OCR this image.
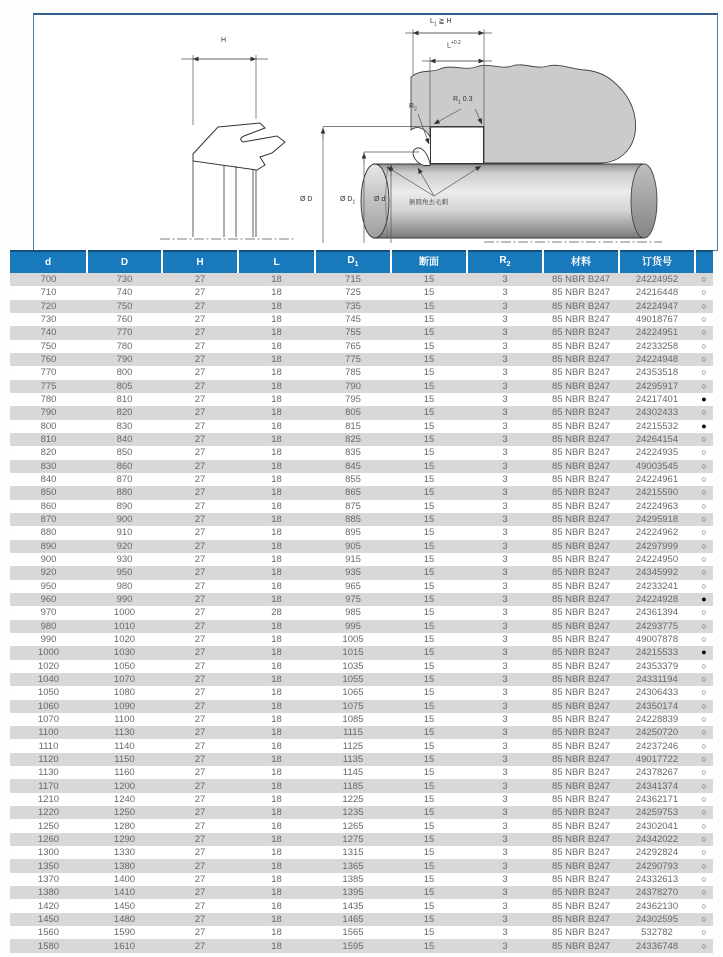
H
$L_1$ ≧ H
$L^{+0.2}$
$R_2$
$R_1$ 0.3
Ø D	Ø $D_1$	Ø d	倒圆角去毛刺
d	D	H	L	$D_1$	断面	$R_2$	材料	订货号	
700	730	27	18	715	15	3	85 NBR B247	24224952	○
710	740	27	18	725	15	3	85 NBR B247	24216448	○
720	750	27	18	735	15	3	85 NBR B247	24224947	○
730	760	27	18	745	15	3	85 NBR B247	49018767	○
740	770	27	18	755	15	3	85 NBR B247	24224951	○
750	780	27	18	765	15	3	85 NBR B247	24233258	○
760	790	27	18	775	15	3	85 NBR B247	24224948	○
770	800	27	18	785	15	3	85 NBR B247	24353518	○
775	805	27	18	790	15	3	85 NBR B247	24295917	○
780	810	27	18	795	15	3	85 NBR B247	24217401	●
790	820	27	18	805	15	3	85 NBR B247	24302433	○
800	830	27	18	815	15	3	85 NBR B247	24215532	●
810	840	27	18	825	15	3	85 NBR B247	24264154	○
820	850	27	18	835	15	3	85 NBR B247	24224935	○
830	860	27	18	845	15	3	85 NBR B247	49003545	○
840	870	27	18	855	15	3	85 NBR B247	24224961	○
850	880	27	18	865	15	3	85 NBR B247	24215590	○
860	890	27	18	875	15	3	85 NBR B247	24224963	○
870	900	27	18	885	15	3	85 NBR B247	24295918	○
880	910	27	18	895	15	3	85 NBR B247	24224962	○
890	920	27	18	905	15	3	85 NBR B247	24297999	○
900	930	27	18	915	15	3	85 NBR B247	24224950	○
920	950	27	18	935	15	3	85 NBR B247	24345992	○
950	980	27	18	965	15	3	85 NBR B247	24233241	○
960	990	27	18	975	15	3	85 NBR B247	24224928	●
970	1000	27	28	985	15	3	85 NBR B247	24361394	○
980	1010	27	18	995	15	3	85 NBR B247	24293775	○
990	1020	27	18	1005	15	3	85 NBR B247	49007878	○
1000	1030	27	18	1015	15	3	85 NBR B247	24215533	●
1020	1050	27	18	1035	15	3	85 NBR B247	24353379	○
1040	1070	27	18	1055	15	3	85 NBR B247	24331194	○
1050	1080	27	18	1065	15	3	85 NBR B247	24306433	○
1060	1090	27	18	1075	15	3	85 NBR B247	24350174	○
1070	1100	27	18	1085	15	3	85 NBR B247	24228839	○
1100	1130	27	18	1115	15	3	85 NBR B247	24250720	○
1110	1140	27	18	1125	15	3	85 NBR B247	24237246	○
1120	1150	27	18	1135	15	3	85 NBR B247	49017722	○
1130	1160	27	18	1145	15	3	85 NBR B247	24378267	○
1170	1200	27	18	1185	15	3	85 NBR B247	24341374	○
1210	1240	27	18	1225	15	3	85 NBR B247	24362171	○
1220	1250	27	18	1235	15	3	85 NBR B247	24259753	○
1250	1280	27	18	1265	15	3	85 NBR B247	24302041	○
1260	1290	27	18	1275	15	3	85 NBR B247	24342022	○
1300	1330	27	18	1315	15	3	85 NBR B247	24292824	○
1350	1380	27	18	1365	15	3	85 NBR B247	24290793	○
1370	1400	27	18	1385	15	3	85 NBR B247	24332613	○
1380	1410	27	18	1395	15	3	85 NBR B247	24378270	○
1420	1450	27	18	1435	15	3	85 NBR B247	24362130	○
1450	1480	27	18	1465	15	3	85 NBR B247	24302595	○
1560	1590	27	18	1565	15	3	85 NBR B247	532782	○
1580	1610	27	18	1595	15	3	85 NBR B247	24336748	○
